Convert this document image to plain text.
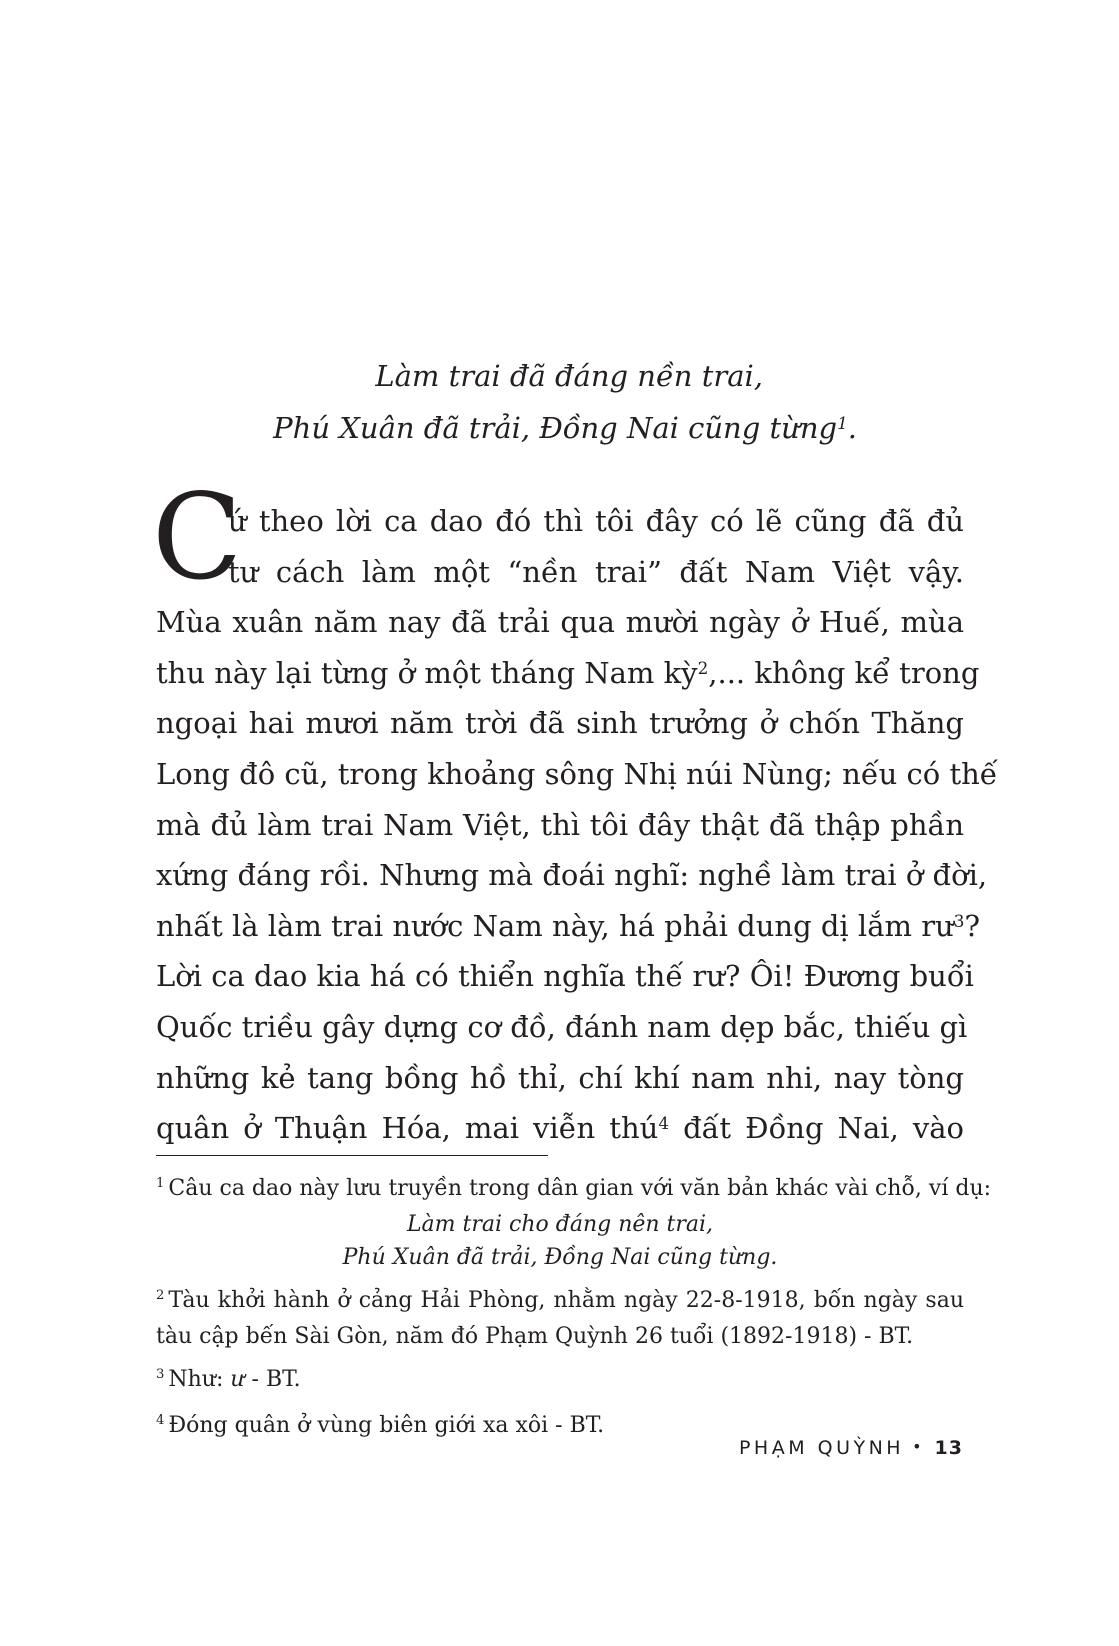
Làm trai đã đáng nền trai,
Phú Xuân đã trải, Đồng Nai cũng từng$^1$.
C
ứ theo lời ca dao đó thì tôi đây có lẽ cũng đã đủ
tư cách làm một “nền trai” đất Nam Việt vậy.
Mùa xuân năm nay đã trải qua mười ngày ở Huế, mùa
thu này lại từng ở một tháng Nam kỳ$^2$,... không kể trong
ngoại hai mươi năm trời đã sinh trưởng ở chốn Thăng
Long đô cũ, trong khoảng sông Nhị núi Nùng; nếu có thế
mà đủ làm trai Nam Việt, thì tôi đây thật đã thập phần
xứng đáng rồi. Nhưng mà đoái nghĩ: nghề làm trai ở đời,
nhất là làm trai nước Nam này, há phải dung dị lắm $rư^3$?
Lời ca dao kia há có thiển nghĩa thế rư? Ôi! Đương buổi
Quốc triều gây dựng cơ đồ, đánh nam dẹp bắc, thiếu gì
những kẻ tang bồng hồ thỉ, chí khí nam nhi, nay tòng
quân ở Thuận Hóa, mai viễn thú$^4$ đất Đồng Nai, vào
$^1$ Câu ca dao này lưu truyền trong dân gian với văn bản khác vài chỗ, ví dụ:
Làm trai cho đáng nên trai,
Phú Xuân đã trải, Đồng Nai cũng từng.
$^2$ Tàu khởi hành ở cảng Hải Phòng, nhằm ngày 22-8-1918, bốn ngày sau
tàu cập bến Sài Gòn, năm đó Phạm Quỳnh 26 tuổi (1892-1918) - BT.
$^3$ Như: ư - BT.
$^4$ Đóng quân ở vùng biên giới xa xôi - BT.
PHẠM QUỲNH • 13
